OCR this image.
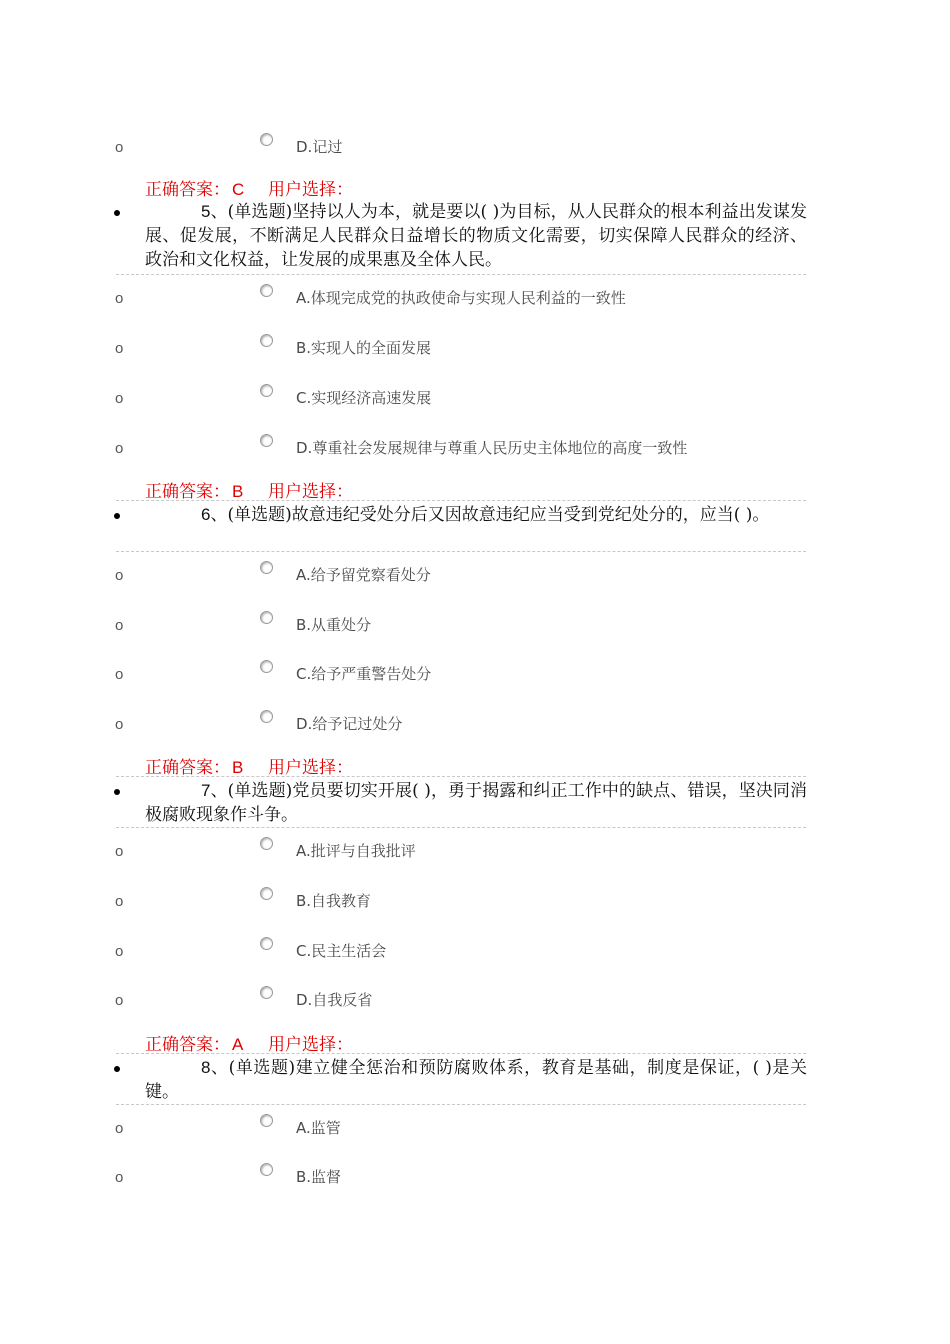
o	D.记过
正确答案： C 用户选择：
5、(单选题)坚持以人为本，就是要以( )为目标，从人民群众的根本利益出发谋发展、促发展，不断满足人民群众日益增长的物质文化需要，切实保障人民群众的经济、政治和文化权益，让发展的成果惠及全体人民。
o	A.体现完成党的执政使命与实现人民利益的一致性
o	B.实现人的全面发展
o	C.实现经济高速发展
o	D.尊重社会发展规律与尊重人民历史主体地位的高度一致性
正确答案： B 用户选择：
6、(单选题)故意违纪受处分后又因故意违纪应当受到党纪处分的，应当( )。
o	A.给予留党察看处分
o	B.从重处分
o	C.给予严重警告处分
o	D.给予记过处分
正确答案： B 用户选择：
7、(单选题)党员要切实开展( )，勇于揭露和纠正工作中的缺点、错误，坚决同消极腐败现象作斗争。
o	A.批评与自我批评
o	B.自我教育
o	C.民主生活会
o	D.自我反省
正确答案： A 用户选择：
8、(单选题)建立健全惩治和预防腐败体系，教育是基础，制度是保证，( )是关键。
o	A.监管
o	B.监督
